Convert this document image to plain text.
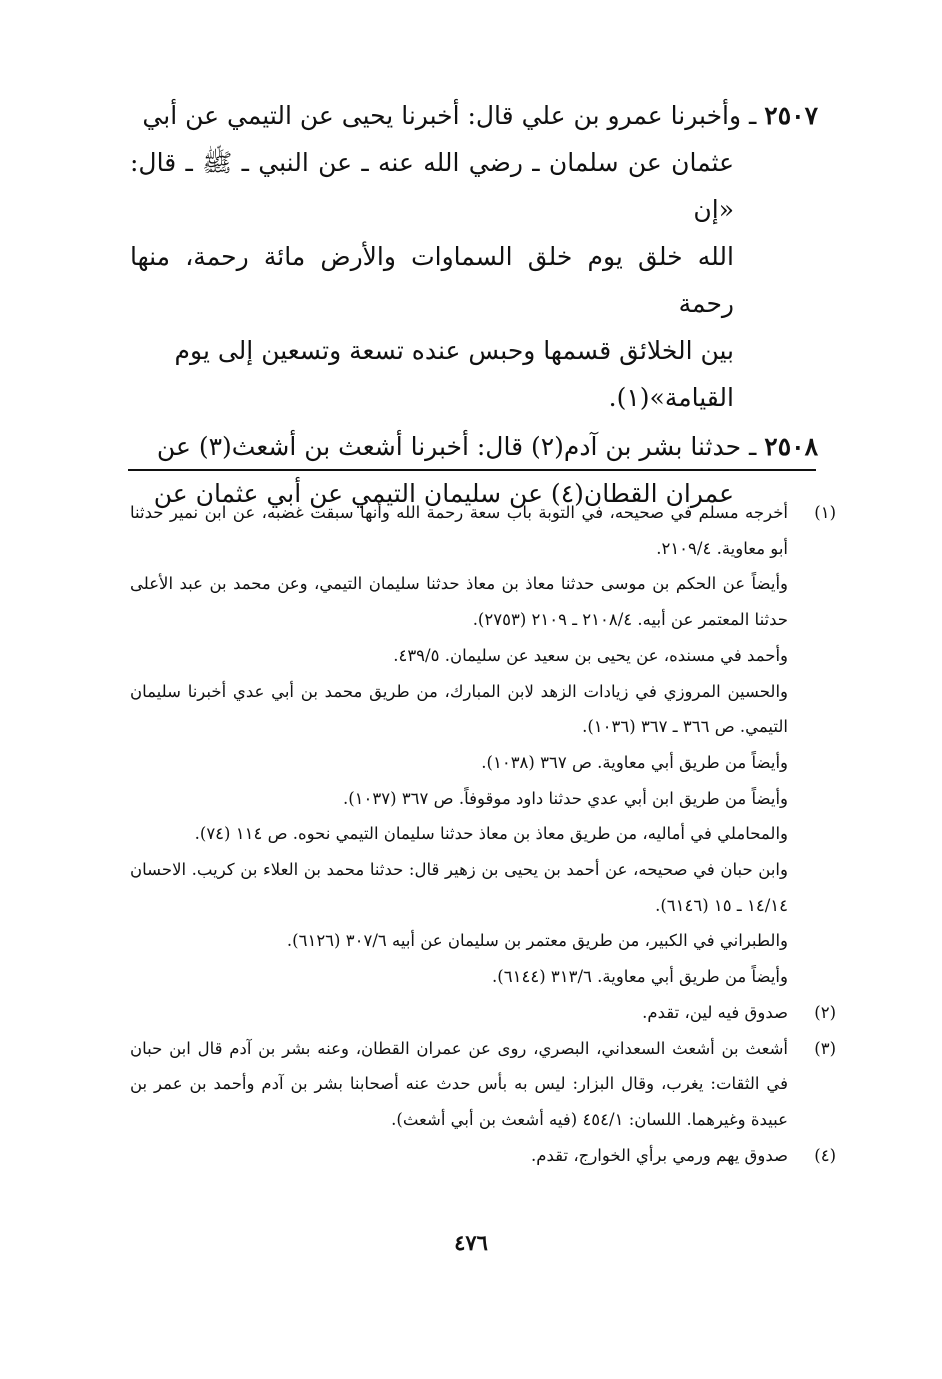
٢٥٠٧ ـ وأخبرنا عمرو بن علي قال: أخبرنا يحيى عن التيمي عن أبي

عثمان عن سلمان ـ رضي الله عنه ـ عن النبي ـ ﷺ ـ قال: «إن

الله خلق يوم خلق السماوات والأرض مائة رحمة، منها رحمة

بين الخلائق قسمها وحبس عنده تسعة وتسعين إلى يوم

القيامة»(١).

٢٥٠٨ ـ حدثنا بشر بن آدم(٢) قال: أخبرنا أشعث بن أشعث(٣) عن

عمران القطان(٤) عن سليمان التيمي عن أبي عثمان عن

(١)
أخرجه مسلم في صحيحه، في التوبة باب سعة رحمة الله وأنها سبقت غضبه، عن ابن نمير حدثنا أبو معاوية. ٢١٠٩/٤.
وأيضاً عن الحكم بن موسى حدثنا معاذ بن معاذ حدثنا سليمان التيمي، وعن محمد بن عبد الأعلى حدثنا المعتمر عن أبيه. ٢١٠٨/٤ ـ ٢١٠٩ (٢٧٥٣).
وأحمد في مسنده، عن يحيى بن سعيد عن سليمان. ٤٣٩/٥.
والحسين المروزي في زيادات الزهد لابن المبارك، من طريق محمد بن أبي عدي أخبرنا سليمان التيمي. ص ٣٦٦ ـ ٣٦٧ (١٠٣٦).
وأيضاً من طريق أبي معاوية. ص ٣٦٧ (١٠٣٨).
وأيضاً من طريق ابن أبي عدي حدثنا داود موقوفاً. ص ٣٦٧ (١٠٣٧).
والمحاملي في أماليه، من طريق معاذ بن معاذ حدثنا سليمان التيمي نحوه. ص ١١٤ (٧٤).
وابن حبان في صحيحه، عن أحمد بن يحيى بن زهير قال: حدثنا محمد بن العلاء بن كريب. الاحسان ١٤/١٤ ـ ١٥ (٦١٤٦).
والطبراني في الكبير، من طريق معتمر بن سليمان عن أبيه ٣٠٧/٦ (٦١٢٦).
وأيضاً من طريق أبي معاوية. ٣١٣/٦ (٦١٤٤).
(٢)
صدوق فيه لين، تقدم.
(٣)
أشعث بن أشعث السعداني، البصري، روى عن عمران القطان، وعنه بشر بن آدم قال ابن حبان في الثقات: يغرب، وقال البزار: ليس به بأس حدث عنه أصحابنا بشر بن آدم وأحمد بن عمر بن عبيدة وغيرهما. اللسان: ٤٥٤/١ (فيه أشعث بن أبي أشعث).
(٤)
صدوق يهم ورمي برأي الخوارج، تقدم.
٤٧٦
